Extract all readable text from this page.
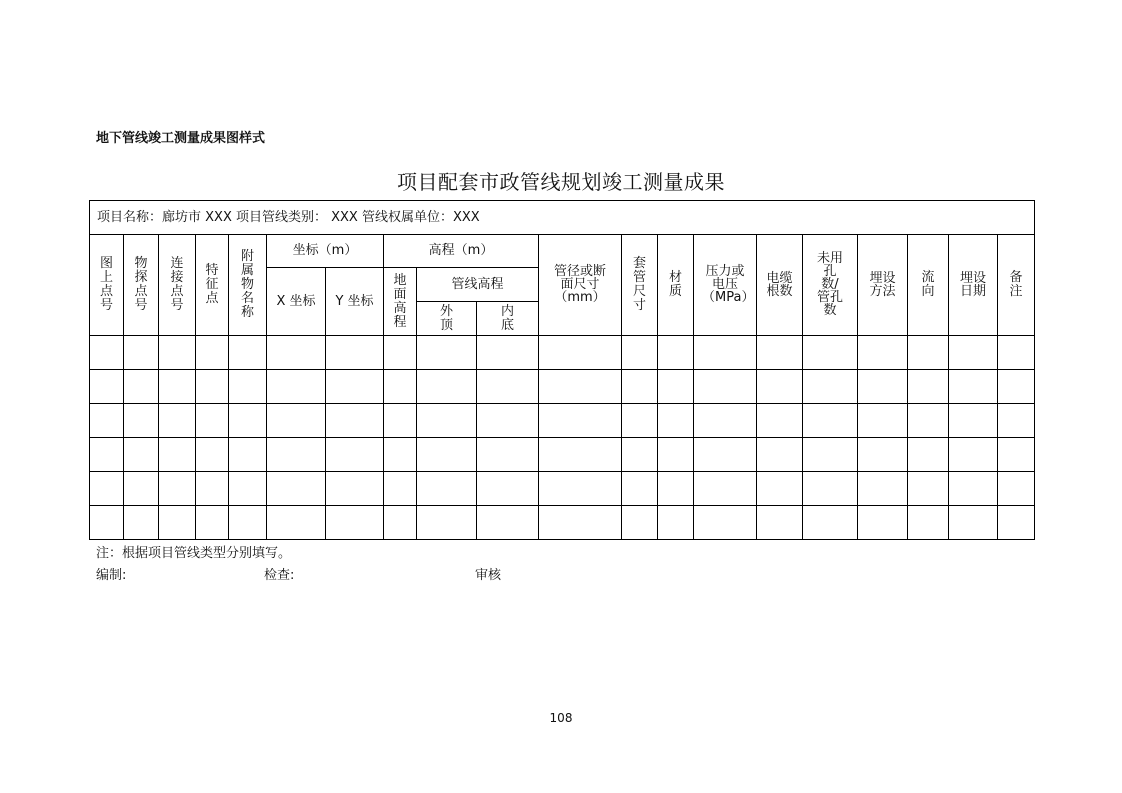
地下管线竣工测量成果图样式
项目配套市政管线规划竣工测量成果
项目名称：廊坊市 XXX 项目管线类别： XXX 管线权属单位：XXX																			
图上点号	物探点号	连接点号	特征点	附属物名称	坐标（m）		高程（m）			管径或断面尺寸（mm）	套管尺寸	材质	压力或电压（MPa）	电缆根数	未用孔数/管孔数	埋设方法	流向	埋设日期	备注
					X 坐标	Y 坐标	地面高程	管线高程											
								外顶	内底										

注：根据项目管线类型分别填写。
编制:	检查:	审核
108
